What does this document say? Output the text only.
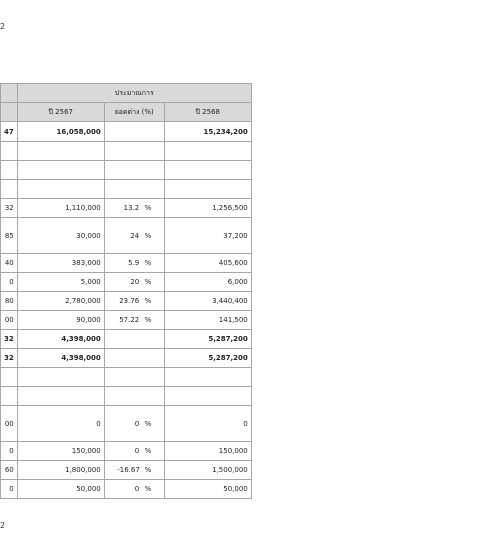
2
	ประมาณการ		
	ปี 2567	ยอดต่าง (%)	ปี 2568
47	16,058,000		15,234,200

32	1,110,000	13.2 %	1,256,500
85	30,000	24 %	37,200
40	383,000	5.9 %	405,600
0	5,000	20 %	6,000
80	2,780,000	23.76 %	3,440,400
00	90,000	57.22 %	141,500
32	4,398,000		5,287,200
32	4,398,000		5,287,200

00	0	0 %	0
0	150,000	0 %	150,000
60	1,800,000	-16.67 %	1,500,000
0	50,000	0 %	50,000
2
